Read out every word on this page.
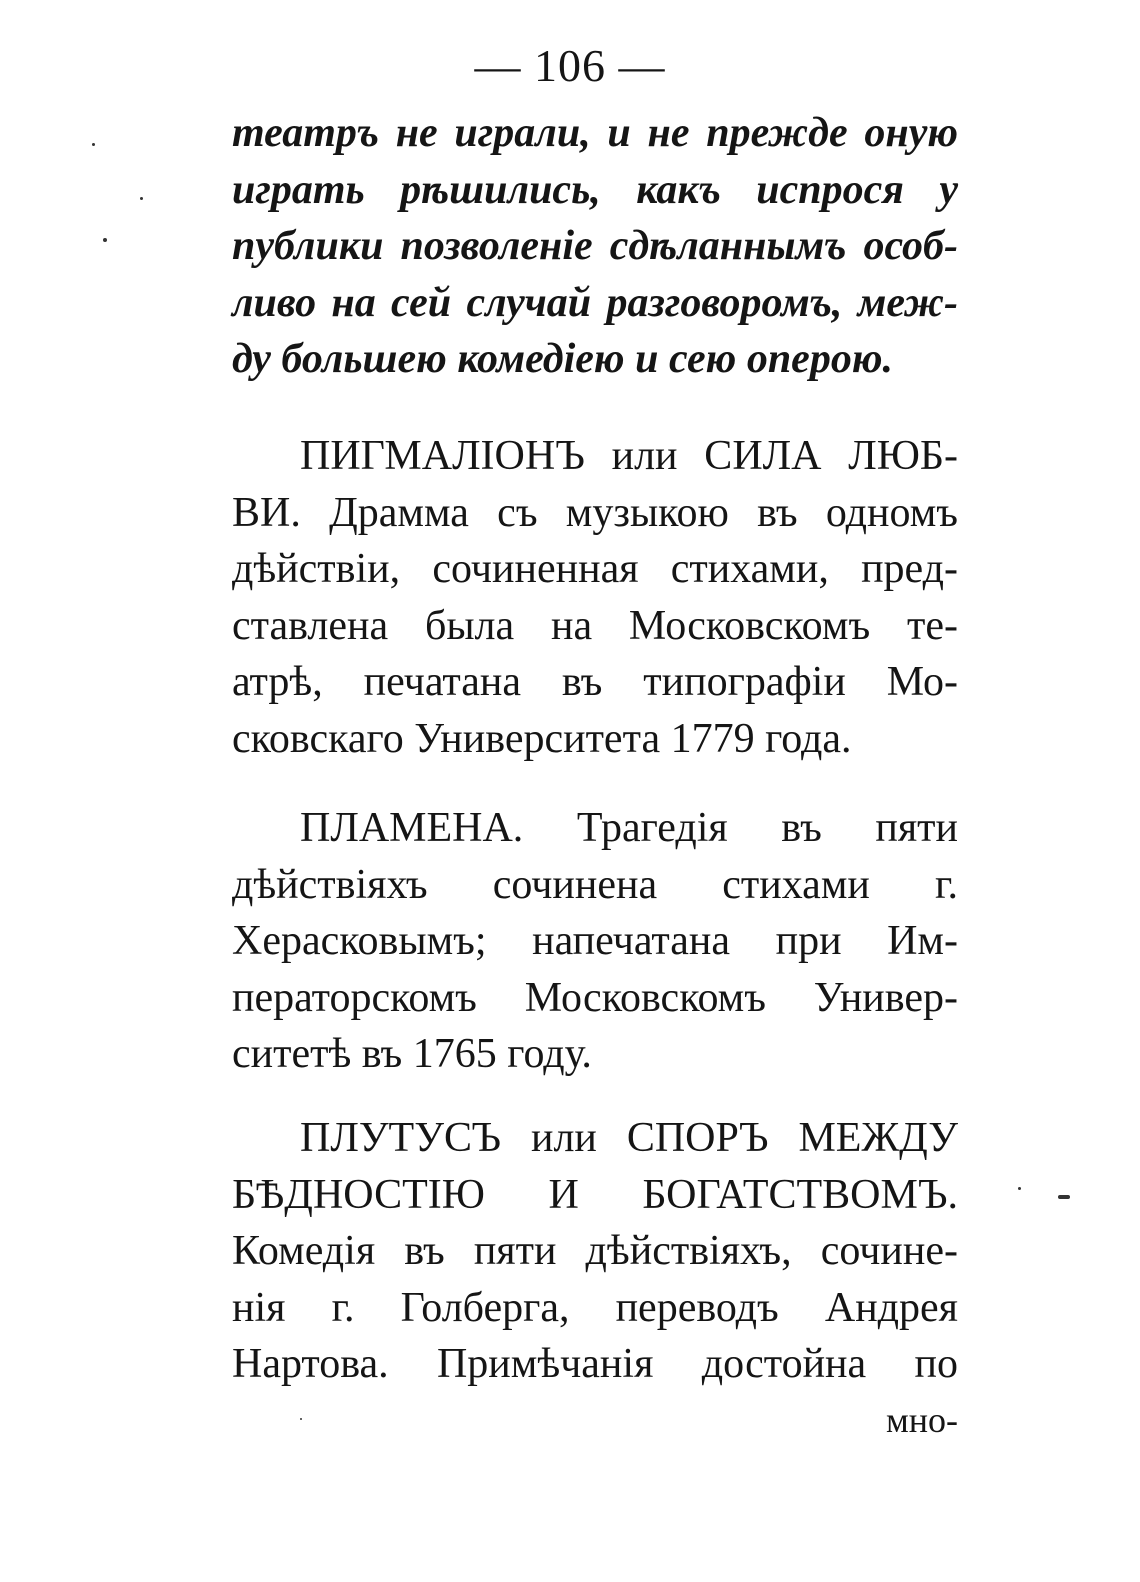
— 106 —
театръ не играли, и не прежде оную
играть рѣшились, какъ испрося у
публики позволенie сдѣланнымъ особ-
ливо на сей случай разговоромъ, меж-
ду большею комедiею и сею оперою.
ПИГМАЛIОНЪ или СИЛА ЛЮБ-
ВИ. Драмма съ музыкою въ одномъ
дѣйствiи, сочиненная стихами, пред-
ставлена была на Московскомъ те-
атрѣ, печатана въ типографiи Мо-
сковскаго Университета 1779 года.
ПЛАМЕНА. Трагедiя въ пяти
дѣйствiяхъ сочинена стихами г.
Херасковымъ; напечатана при Им-
ператорскомъ Московскомъ Универ-
ситетѣ въ 1765 году.
ПЛУТУСЪ или СПОРЪ МЕЖДУ
БѢДНОСТIЮ И БОГАТСТВОМЪ.
Комедiя въ пяти дѣйствiяхъ, сочине-
нiя г. Голберга, переводъ Андрея
Нартова. Примѣчанiя достойна по
мно-
